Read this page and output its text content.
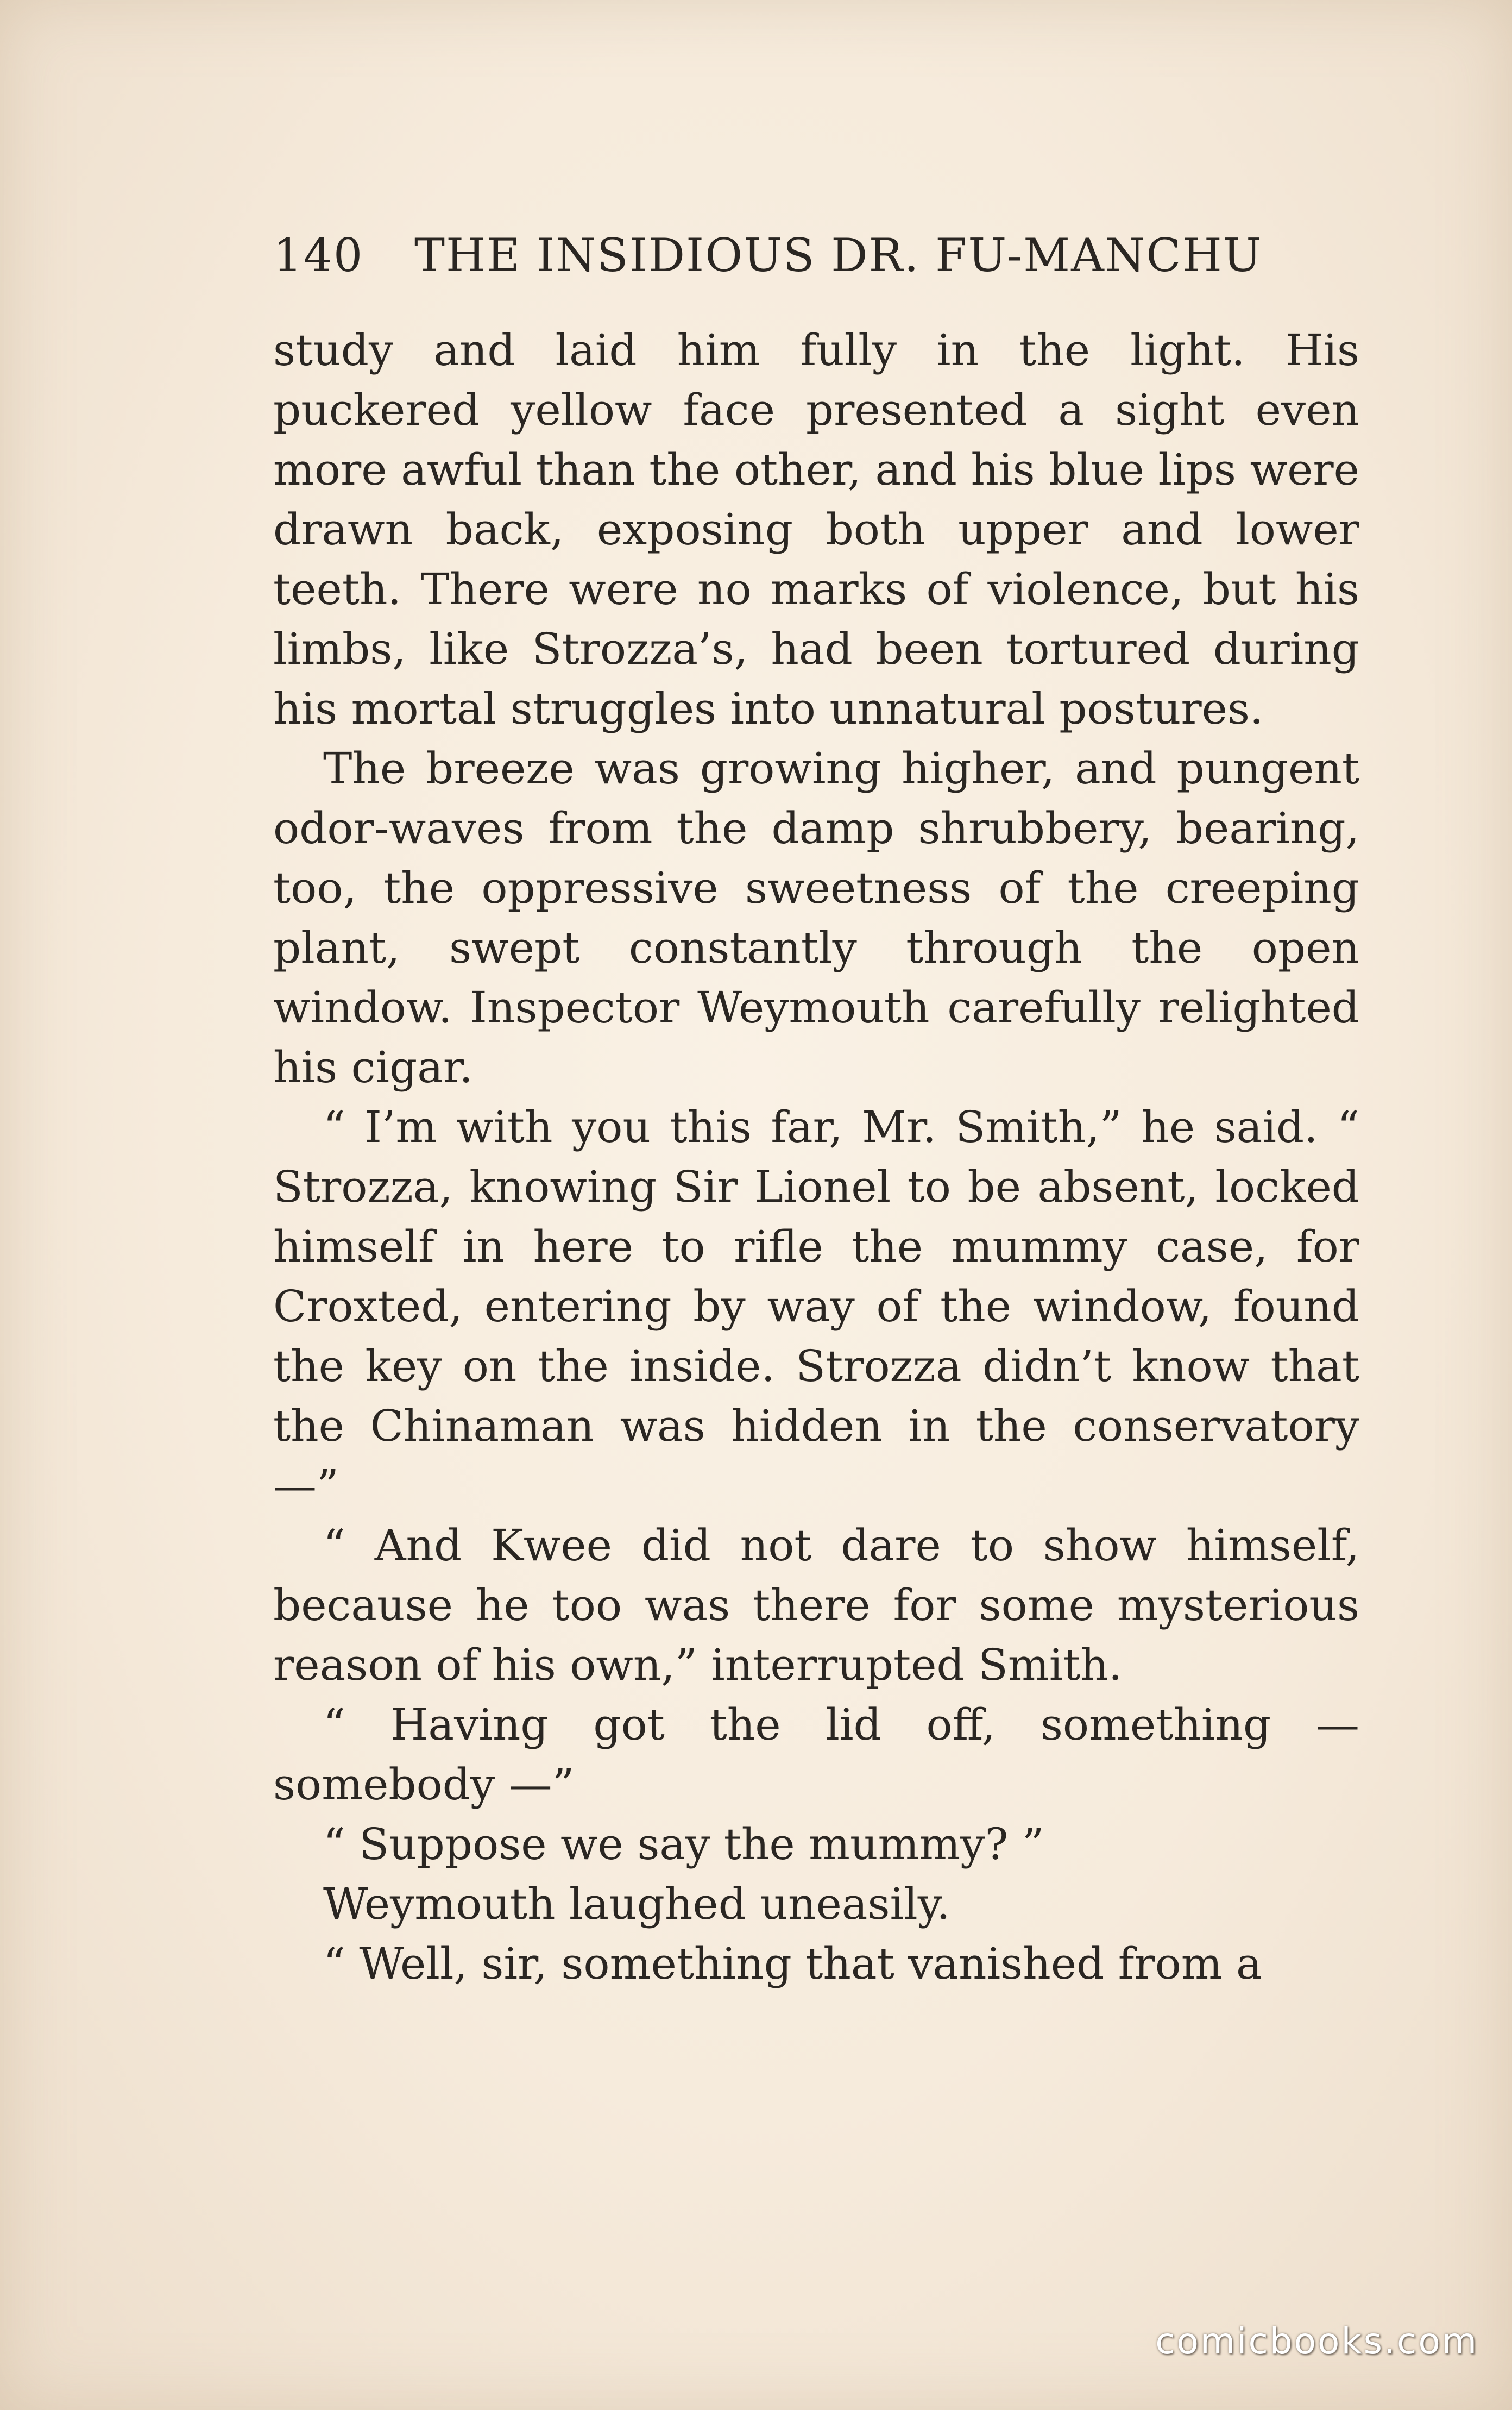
140 THE INSIDIOUS DR. FU-MANCHU

study and laid him fully in the light. His puckered yellow face presented a sight even more awful than the other, and his blue lips were drawn back, exposing both upper and lower teeth. There were no marks of violence, but his limbs, like Strozza’s, had been tortured during his mortal struggles into unnatural postures.

The breeze was growing higher, and pungent odor-waves from the damp shrubbery, bearing, too, the oppressive sweetness of the creeping plant, swept constantly through the open window. Inspector Weymouth carefully relighted his cigar.

“ I’m with you this far, Mr. Smith,” he said. “ Strozza, knowing Sir Lionel to be absent, locked himself in here to rifle the mummy case, for Croxted, entering by way of the window, found the key on the inside. Strozza didn’t know that the Chinaman was hidden in the conservatory —”

“ And Kwee did not dare to show himself, because he too was there for some mysterious reason of his own,” interrupted Smith.

“ Having got the lid off, something — somebody —”

“ Suppose we say the mummy? ”

Weymouth laughed uneasily.

“ Well, sir, something that vanished from a

comicbooks.com
